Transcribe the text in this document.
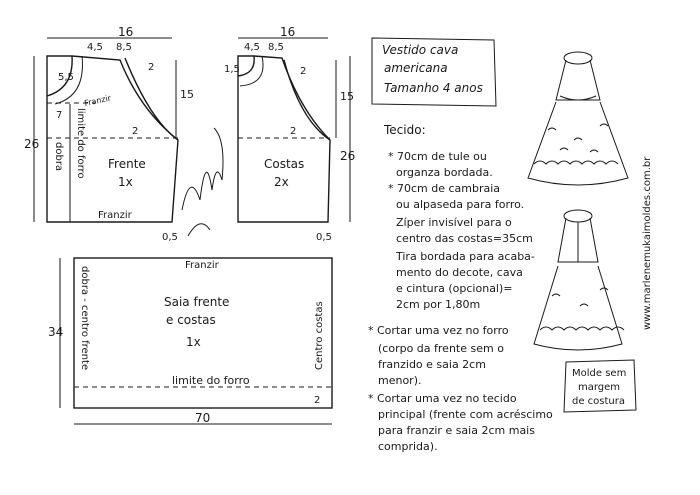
16
4,5 8,5
5,5
2
15
2
26
0,5
7
dobra limite do forro
Franzir
Franzir
Frente
1x
16
4,5 8,5
1,5	2
15
2
26
0,5
Costas
2x
34
70
Franzir
Saia frente
e costas
1x
dobra - centro frente	Centro costas
limite do forro
2
Vestido cava
americana
Tamanho 4 anos
Tecido:
* 70cm de tule ou
organza bordada.
* 70cm de cambraia
ou alpaseda para forro.
Zíper invisível para o
centro das costas=35cm
Tira bordada para acaba-
mento do decote, cava
e cintura (opcional)=
2cm por 1,80m
* Cortar uma vez no forro
(corpo da frente sem o
franzido e saia 2cm
menor).
* Cortar uma vez no tecido
principal (frente com acréscimo
para franzir e saia 2cm mais
comprida).
Molde sem
margem
de costura
www.marlenemukaimoldes.com.br
